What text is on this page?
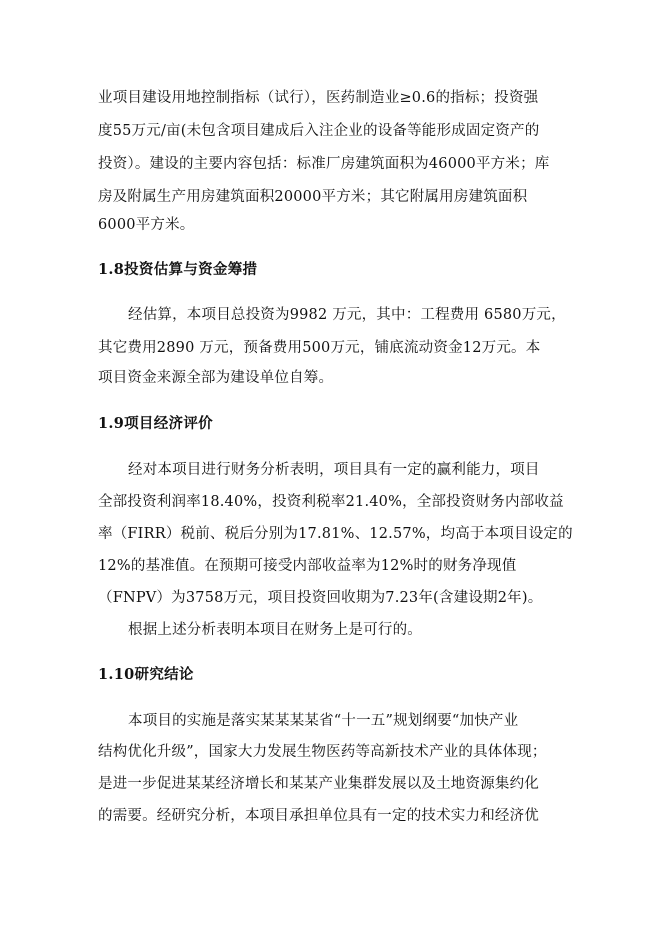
业项目建设用地控制指标（试行），医药制造业≥0.6的指标；投资强
度55万元/亩(未包含项目建成后入注企业的设备等能形成固定资产的
投资）。建设的主要内容包括：标准厂房建筑面积为46000平方米；库
房及附属生产用房建筑面积20000平方米；其它附属用房建筑面积
6000平方米。
1.8投资估算与资金筹措
经估算，本项目总投资为9982 万元，其中：工程费用 6580万元，
其它费用2890 万元，预备费用500万元，铺底流动资金12万元。本
项目资金来源全部为建设单位自筹。
1.9项目经济评价
经对本项目进行财务分析表明，项目具有一定的赢利能力，项目
全部投资利润率18.40%，投资利税率21.40%，全部投资财务内部收益
率（FIRR）税前、税后分别为17.81%、12.57%，均高于本项目设定的
12%的基准值。在预期可接受内部收益率为12%时的财务净现值
（FNPV）为3758万元，项目投资回收期为7.23年(含建设期2年)。
根据上述分析表明本项目在财务上是可行的。
1.10研究结论
本项目的实施是落实某某某某省“十一五”规划纲要“加快产业
结构优化升级”，国家大力发展生物医药等高新技术产业的具体体现；
是进一步促进某某经济增长和某某产业集群发展以及土地资源集约化
的需要。经研究分析，本项目承担单位具有一定的技术实力和经济优
